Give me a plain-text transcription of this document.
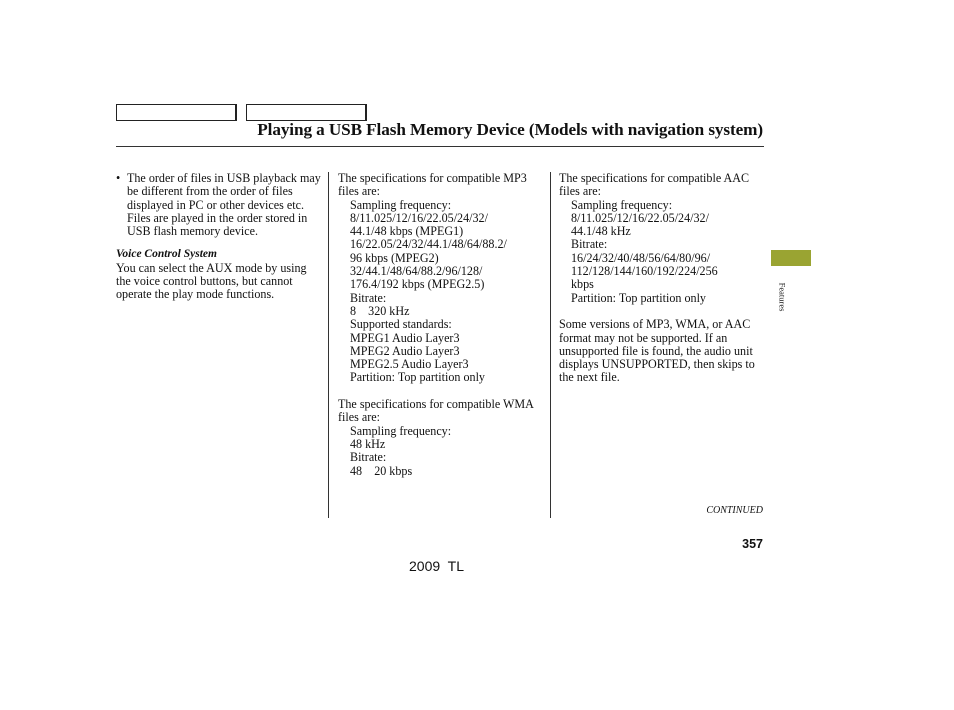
Playing a USB Flash Memory Device (Models with navigation system)
• The order of files in USB playback may be different from the order of files displayed in PC or other devices etc. Files are played in the order stored in USB flash memory device.

Voice Control System

You can select the AUX mode by using the voice control buttons, but cannot operate the play mode functions.

The specifications for compatible MP3 files are:

Sampling frequency:

8/11.025/12/16/22.05/24/32/

44.1/48 kbps (MPEG1)

16/22.05/24/32/44.1/48/64/88.2/

96 kbps (MPEG2)

32/44.1/48/64/88.2/96/128/

176.4/192 kbps (MPEG2.5)

Bitrate:

8    320 kHz

Supported standards:

MPEG1 Audio Layer3

MPEG2 Audio Layer3

MPEG2.5 Audio Layer3

Partition: Top partition only

The specifications for compatible WMA files are:

Sampling frequency:

48 kHz

Bitrate:

48    20 kbps

The specifications for compatible AAC files are:

Sampling frequency:

8/11.025/12/16/22.05/24/32/

44.1/48 kHz

Bitrate:

16/24/32/40/48/56/64/80/96/

112/128/144/160/192/224/256

kbps

Partition: Top partition only

Some versions of MP3, WMA, or AAC format may not be supported. If an unsupported file is found, the audio unit displays UNSUPPORTED, then skips to the next file.

Features
CONTINUED
357
2009  TL
